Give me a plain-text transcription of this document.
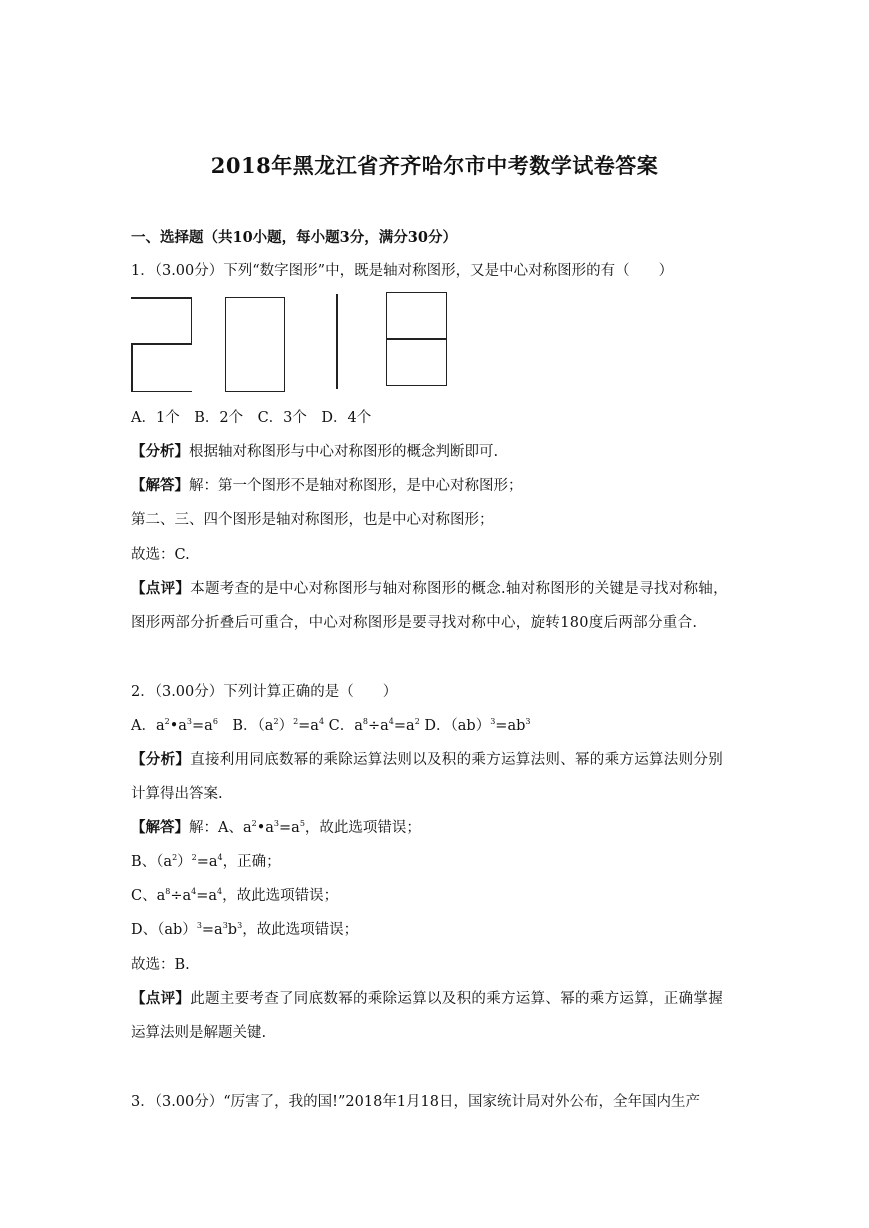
2018年黑龙江省齐齐哈尔市中考数学试卷答案
一、选择题（共10小题，每小题3分，满分30分）
1．（3.00分）下列“数字图形”中，既是轴对称图形，又是中心对称图形的有（　　）
A．1个　B．2个　C．3个　D．4个
【分析】根据轴对称图形与中心对称图形的概念判断即可.
【解答】解：第一个图形不是轴对称图形，是中心对称图形；
第二、三、四个图形是轴对称图形，也是中心对称图形；
故选：C.
【点评】本题考查的是中心对称图形与轴对称图形的概念.轴对称图形的关键是寻找对称轴，
图形两部分折叠后可重合，中心对称图形是要寻找对称中心，旋转180度后两部分重合.
2．（3.00分）下列计算正确的是（　　）
A．$a^2•a^3=a^6$　B．$(a^2)^2=a^4$ C．$a^8\div a^4=a^2$ D．$(ab)^3=ab^3$
【分析】直接利用同底数幂的乘除运算法则以及积的乘方运算法则、幂的乘方运算法则分别
计算得出答案.
【解答】解：A、$a^2•a^3=a^5$，故此选项错误；
B、$(a^2)^2=a^4$，正确；
C、$a^8\div a^4=a^4$，故此选项错误；
D、$(ab)^3=a^3b^3$，故此选项错误；
故选：B.
【点评】此题主要考查了同底数幂的乘除运算以及积的乘方运算、幂的乘方运算，正确掌握
运算法则是解题关键.
3．（3.00分）“厉害了，我的国!”2018年1月18日，国家统计局对外公布，全年国内生产
